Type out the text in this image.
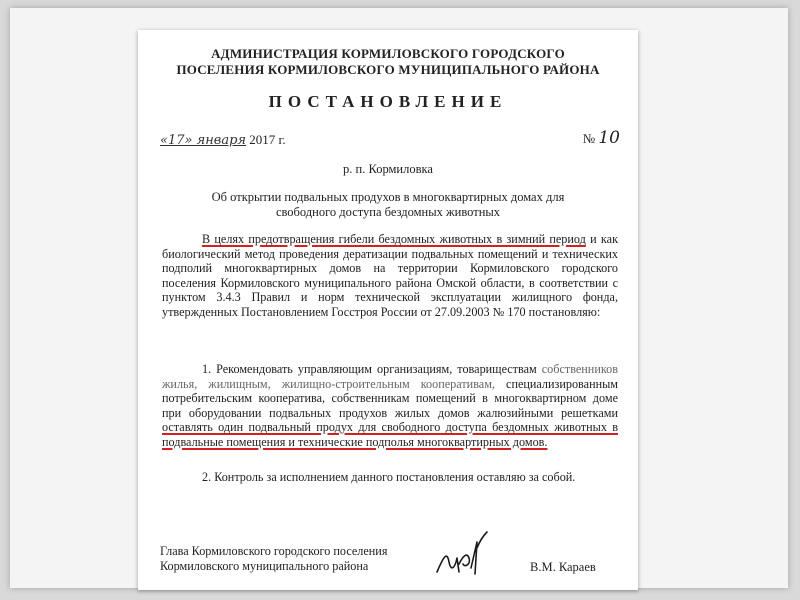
АДМИНИСТРАЦИЯ КОРМИЛОВСКОГО ГОРОДСКОГО
ПОСЕЛЕНИЯ КОРМИЛОВСКОГО МУНИЦИПАЛЬНОГО РАЙОНА
ПОСТАНОВЛЕНИЕ
«17» января 2017 г.	№ 10
р. п. Кормиловка
Об открытии подвальных продухов в многоквартирных домах для
свободного доступа бездомных животных
В целях предотвращения гибели бездомных животных в зимний период и как биологический метод проведения дератизации подвальных помещений и технических подполий многоквартирных домов на территории Кормиловского городского поселения Кормиловского муниципального района Омской области, в соответствии с пунктом 3.4.3 Правил и норм технической эксплуатации жилищного фонда, утвержденных Постановлением Госстроя России от 27.09.2003 № 170 постановляю:
1. Рекомендовать управляющим организациям, товариществам собственников жилья, жилищным, жилищно-строительным кооперативам, специализированным потребительским кооператива, собственникам помещений в многоквартирном доме при оборудовании подвальных продухов жилых домов жалюзийными решетками оставлять один подвальный продух для свободного доступа бездомных животных в подвальные помещения и технические подполья многоквартирных домов.
2. Контроль за исполнением данного постановления оставляю за собой.
Глава Кормиловского городского поселения
Кормиловского муниципального района	В.М. Караев
